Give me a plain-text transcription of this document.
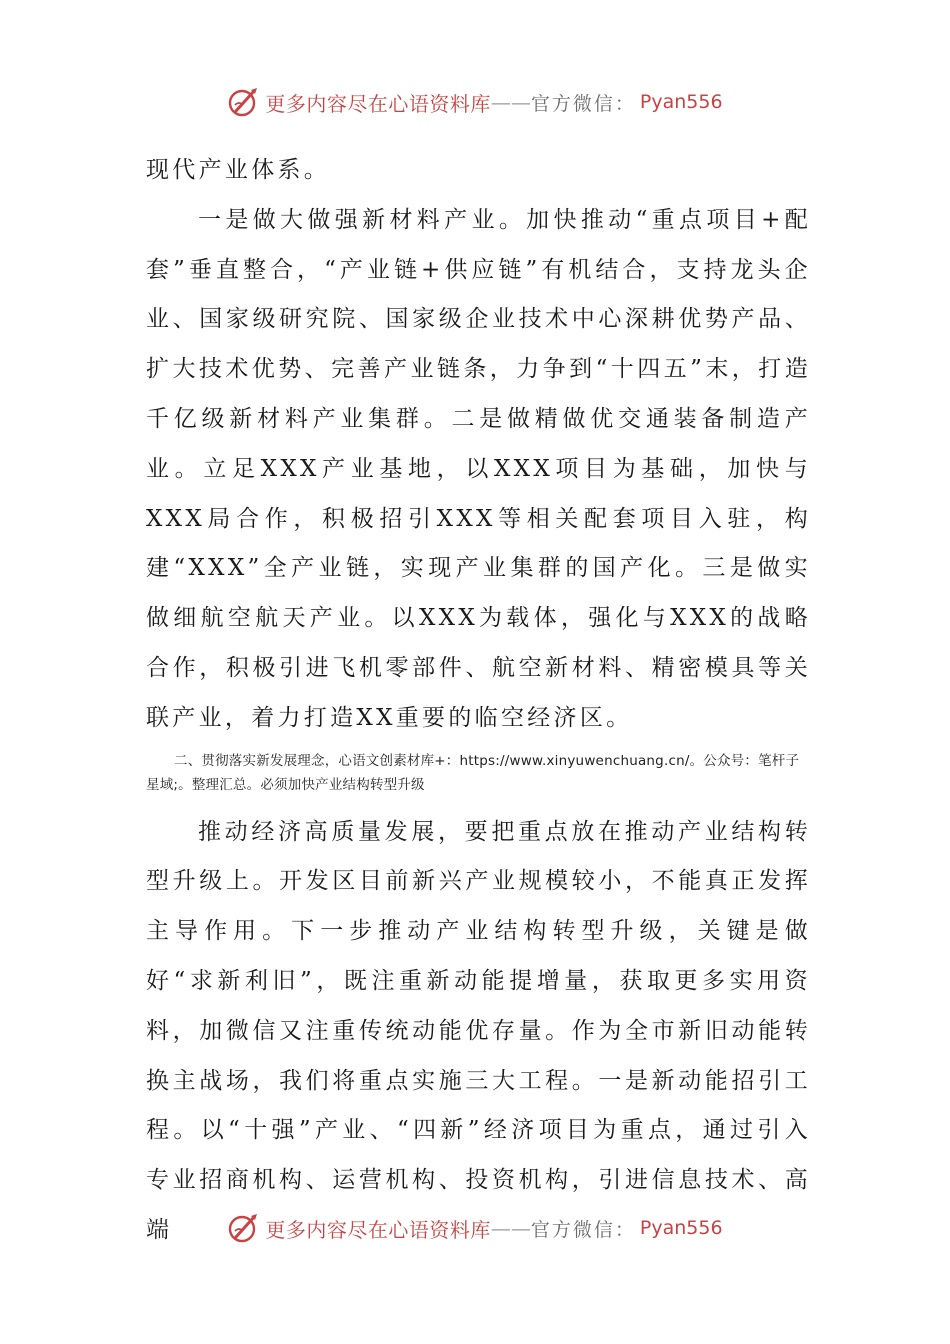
更多内容尽在心语资料库 —— 官方微信： Pyan556

现代产业体系。

一是做大做强新材料产业。加快推动“重点项目+配套”垂直整合，“产业链+供应链”有机结合，支持龙头企业、国家级研究院、国家级企业技术中心深耕优势产品、扩大技术优势、完善产业链条，力争到“十四五”末，打造千亿级新材料产业集群。二是做精做优交通装备制造产业。立足XXX产业基地，以XXX项目为基础，加快与XXX局合作，积极招引XXX等相关配套项目入驻，构建“XXX”全产业链，实现产业集群的国产化。三是做实做细航空航天产业。以XXX为载体，强化与XXX的战略合作，积极引进飞机零部件、航空新材料、精密模具等关联产业，着力打造XX重要的临空经济区。

二、贯彻落实新发展理念，心语文创素材库+：https://www.xinyuwenchuang.cn/。公众号：笔杆子星域;。整理汇总。必须加快产业结构转型升级

推动经济高质量发展，要把重点放在推动产业结构转型升级上。开发区目前新兴产业规模较小，不能真正发挥主导作用。下一步推动产业结构转型升级，关键是做好“求新利旧”，既注重新动能提增量，获取更多实用资料，加微信又注重传统动能优存量。作为全市新旧动能转换主战场，我们将重点实施三大工程。一是新动能招引工程。以“十强”产业、“四新”经济项目为重点，通过引入专业招商机构、运营机构、投资机构，引进信息技术、高端	更多内容尽在心语资料库 —— 官方微信： Pyan556
